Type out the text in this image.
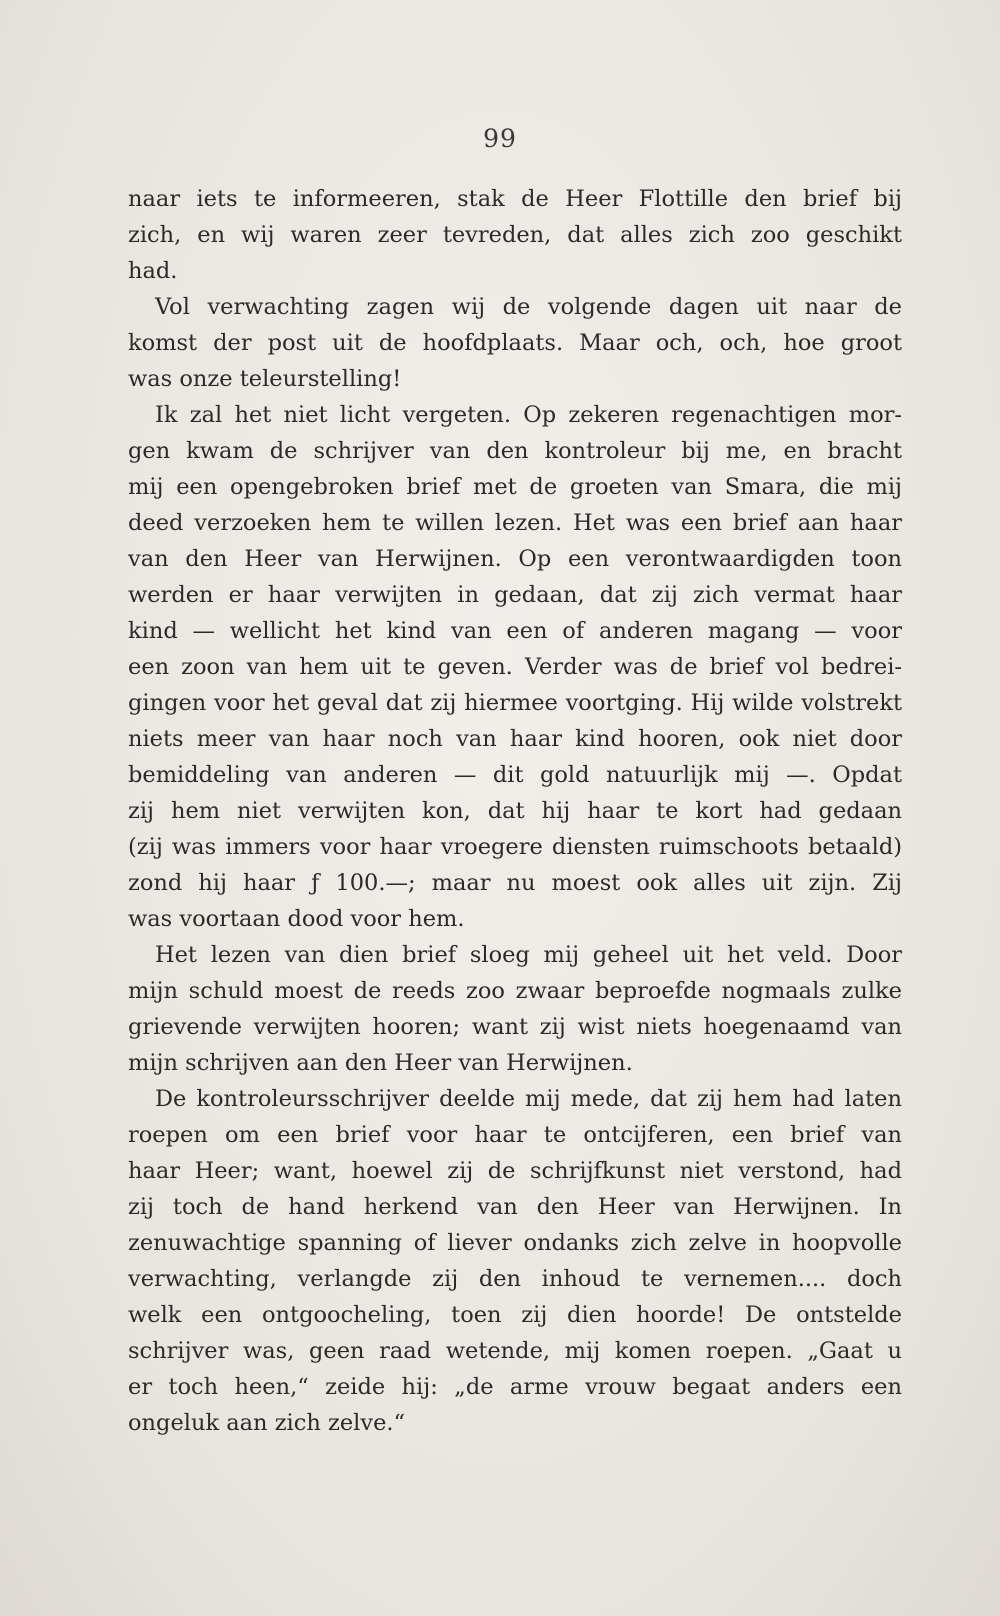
99
naar iets te informeeren, stak de Heer Flottille den brief bij
zich, en wij waren zeer tevreden, dat alles zich zoo geschikt
had.
Vol verwachting zagen wij de volgende dagen uit naar de
komst der post uit de hoofdplaats. Maar och, och, hoe groot
was onze teleurstelling!
Ik zal het niet licht vergeten. Op zekeren regenachtigen mor-
gen kwam de schrijver van den kontroleur bij me, en bracht
mij een opengebroken brief met de groeten van Smara, die mij
deed verzoeken hem te willen lezen. Het was een brief aan haar
van den Heer van Herwijnen. Op een verontwaardigden toon
werden er haar verwijten in gedaan, dat zij zich vermat haar
kind — wellicht het kind van een of anderen magang — voor
een zoon van hem uit te geven. Verder was de brief vol bedrei-
gingen voor het geval dat zij hiermee voortging. Hij wilde volstrekt
niets meer van haar noch van haar kind hooren, ook niet door
bemiddeling van anderen — dit gold natuurlijk mij —. Opdat
zij hem niet verwijten kon, dat hij haar te kort had gedaan
(zij was immers voor haar vroegere diensten ruimschoots betaald)
zond hij haar ƒ 100.—; maar nu moest ook alles uit zijn. Zij
was voortaan dood voor hem.
Het lezen van dien brief sloeg mij geheel uit het veld. Door
mijn schuld moest de reeds zoo zwaar beproefde nogmaals zulke
grievende verwijten hooren; want zij wist niets hoegenaamd van
mijn schrijven aan den Heer van Herwijnen.
De kontroleursschrijver deelde mij mede, dat zij hem had laten
roepen om een brief voor haar te ontcijferen, een brief van
haar Heer; want, hoewel zij de schrijfkunst niet verstond, had
zij toch de hand herkend van den Heer van Herwijnen. In
zenuwachtige spanning of liever ondanks zich zelve in hoopvolle
verwachting, verlangde zij den inhoud te vernemen.... doch
welk een ontgoocheling, toen zij dien hoorde! De ontstelde
schrijver was, geen raad wetende, mij komen roepen. „Gaat u
er toch heen,“ zeide hij: „de arme vrouw begaat anders een
ongeluk aan zich zelve.“
